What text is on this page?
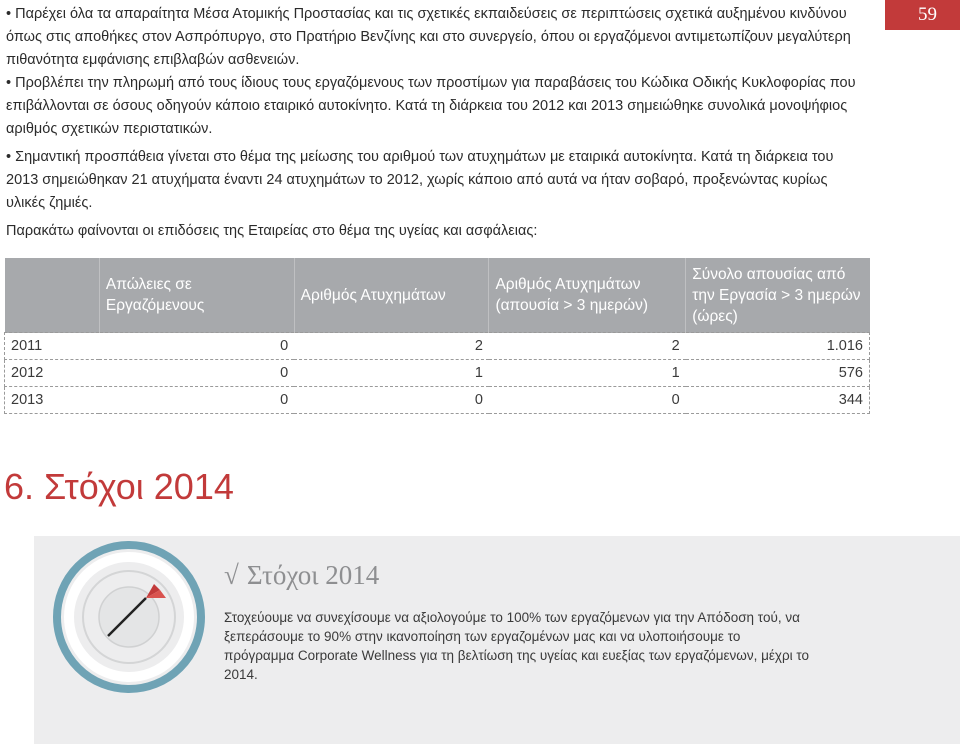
59

• Παρέχει όλα τα απαραίτητα Μέσα Ατομικής Προστασίας και τις σχετικές εκπαιδεύσεις σε περιπτώσεις σχετικά αυξημένου κινδύνου όπως στις αποθήκες στον Ασπρόπυργο, στο Πρατήριο Βενζίνης και στο συνεργείο, όπου οι εργαζόμενοι αντιμετωπίζουν μεγαλύτερη πιθανότητα εμφάνισης επιβλαβών ασθενειών.

• Προβλέπει την πληρωμή από τους ίδιους τους εργαζόμενους των προστίμων για παραβάσεις του Κώδικα Οδικής Κυκλοφορίας που επιβάλλονται σε όσους οδηγούν κάποιο εταιρικό αυτοκίνητο. Κατά τη διάρκεια του 2012 και 2013 σημειώθηκε συνολικά μονοψήφιος αριθμός σχετικών περιστατικών.

• Σημαντική προσπάθεια γίνεται στο θέμα της μείωσης του αριθμού των ατυχημάτων με εταιρικά αυτοκίνητα. Κατά τη διάρκεια του 2013 σημειώθηκαν 21 ατυχήματα έναντι 24 ατυχημάτων το 2012, χωρίς κάποιο από αυτά να ήταν σοβαρό, προξενώντας κυρίως υλικές ζημιές.

Παρακάτω φαίνονται οι επιδόσεις της Εταιρείας στο θέμα της υγείας και ασφάλειας:

	Απώλειες σε Εργαζόμενους	Αριθμός Ατυχημάτων	Αριθμός Ατυχημάτων (απουσία > 3 ημερών)	Σύνολο απουσίας από την Εργασία > 3 ημερών (ώρες)
2011	0	2	2	1.016
2012	0	1	1	576
2013	0	0	0	344
6. Στόχοι 2014
√ Στόχοι 2014

Στοχεύουμε να συνεχίσουμε να αξιολογούμε το 100% των εργαζόμενων για την Απόδοση τού, να ξεπεράσουμε το 90% στην ικανοποίηση των εργαζομένων μας και να υλοποιήσουμε το πρόγραμμα Corporate Wellness για τη βελτίωση της υγείας και ευεξίας των εργαζόμενων, μέχρι το 2014.
